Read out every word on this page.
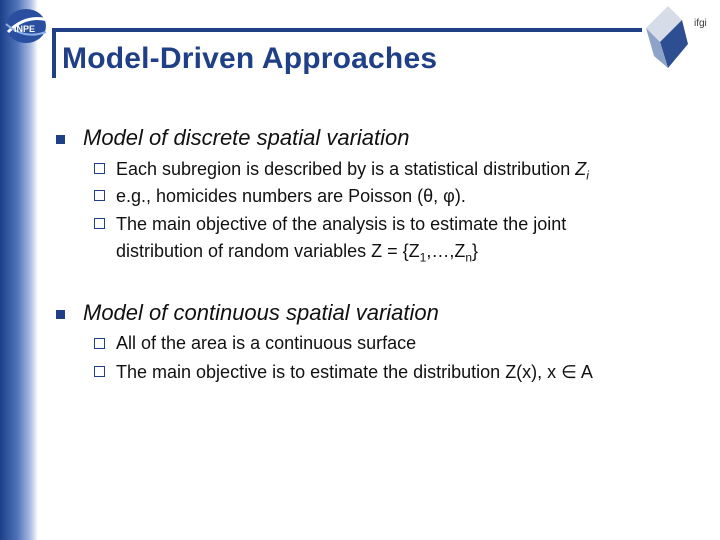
INPE	ifgi
Model-Driven Approaches
Model of discrete spatial variation
Each subregion is described by is a statistical distribution $Z_i$
e.g., homicides numbers are Poisson (θ, φ).
The main objective of the analysis is to estimate the joint
distribution of random variables $Z = \{Z_1,\dots,Z_n\}$
Model of continuous spatial variation
All of the area is a continuous surface
The main objective is to estimate the distribution Z(x), x ∈ A
